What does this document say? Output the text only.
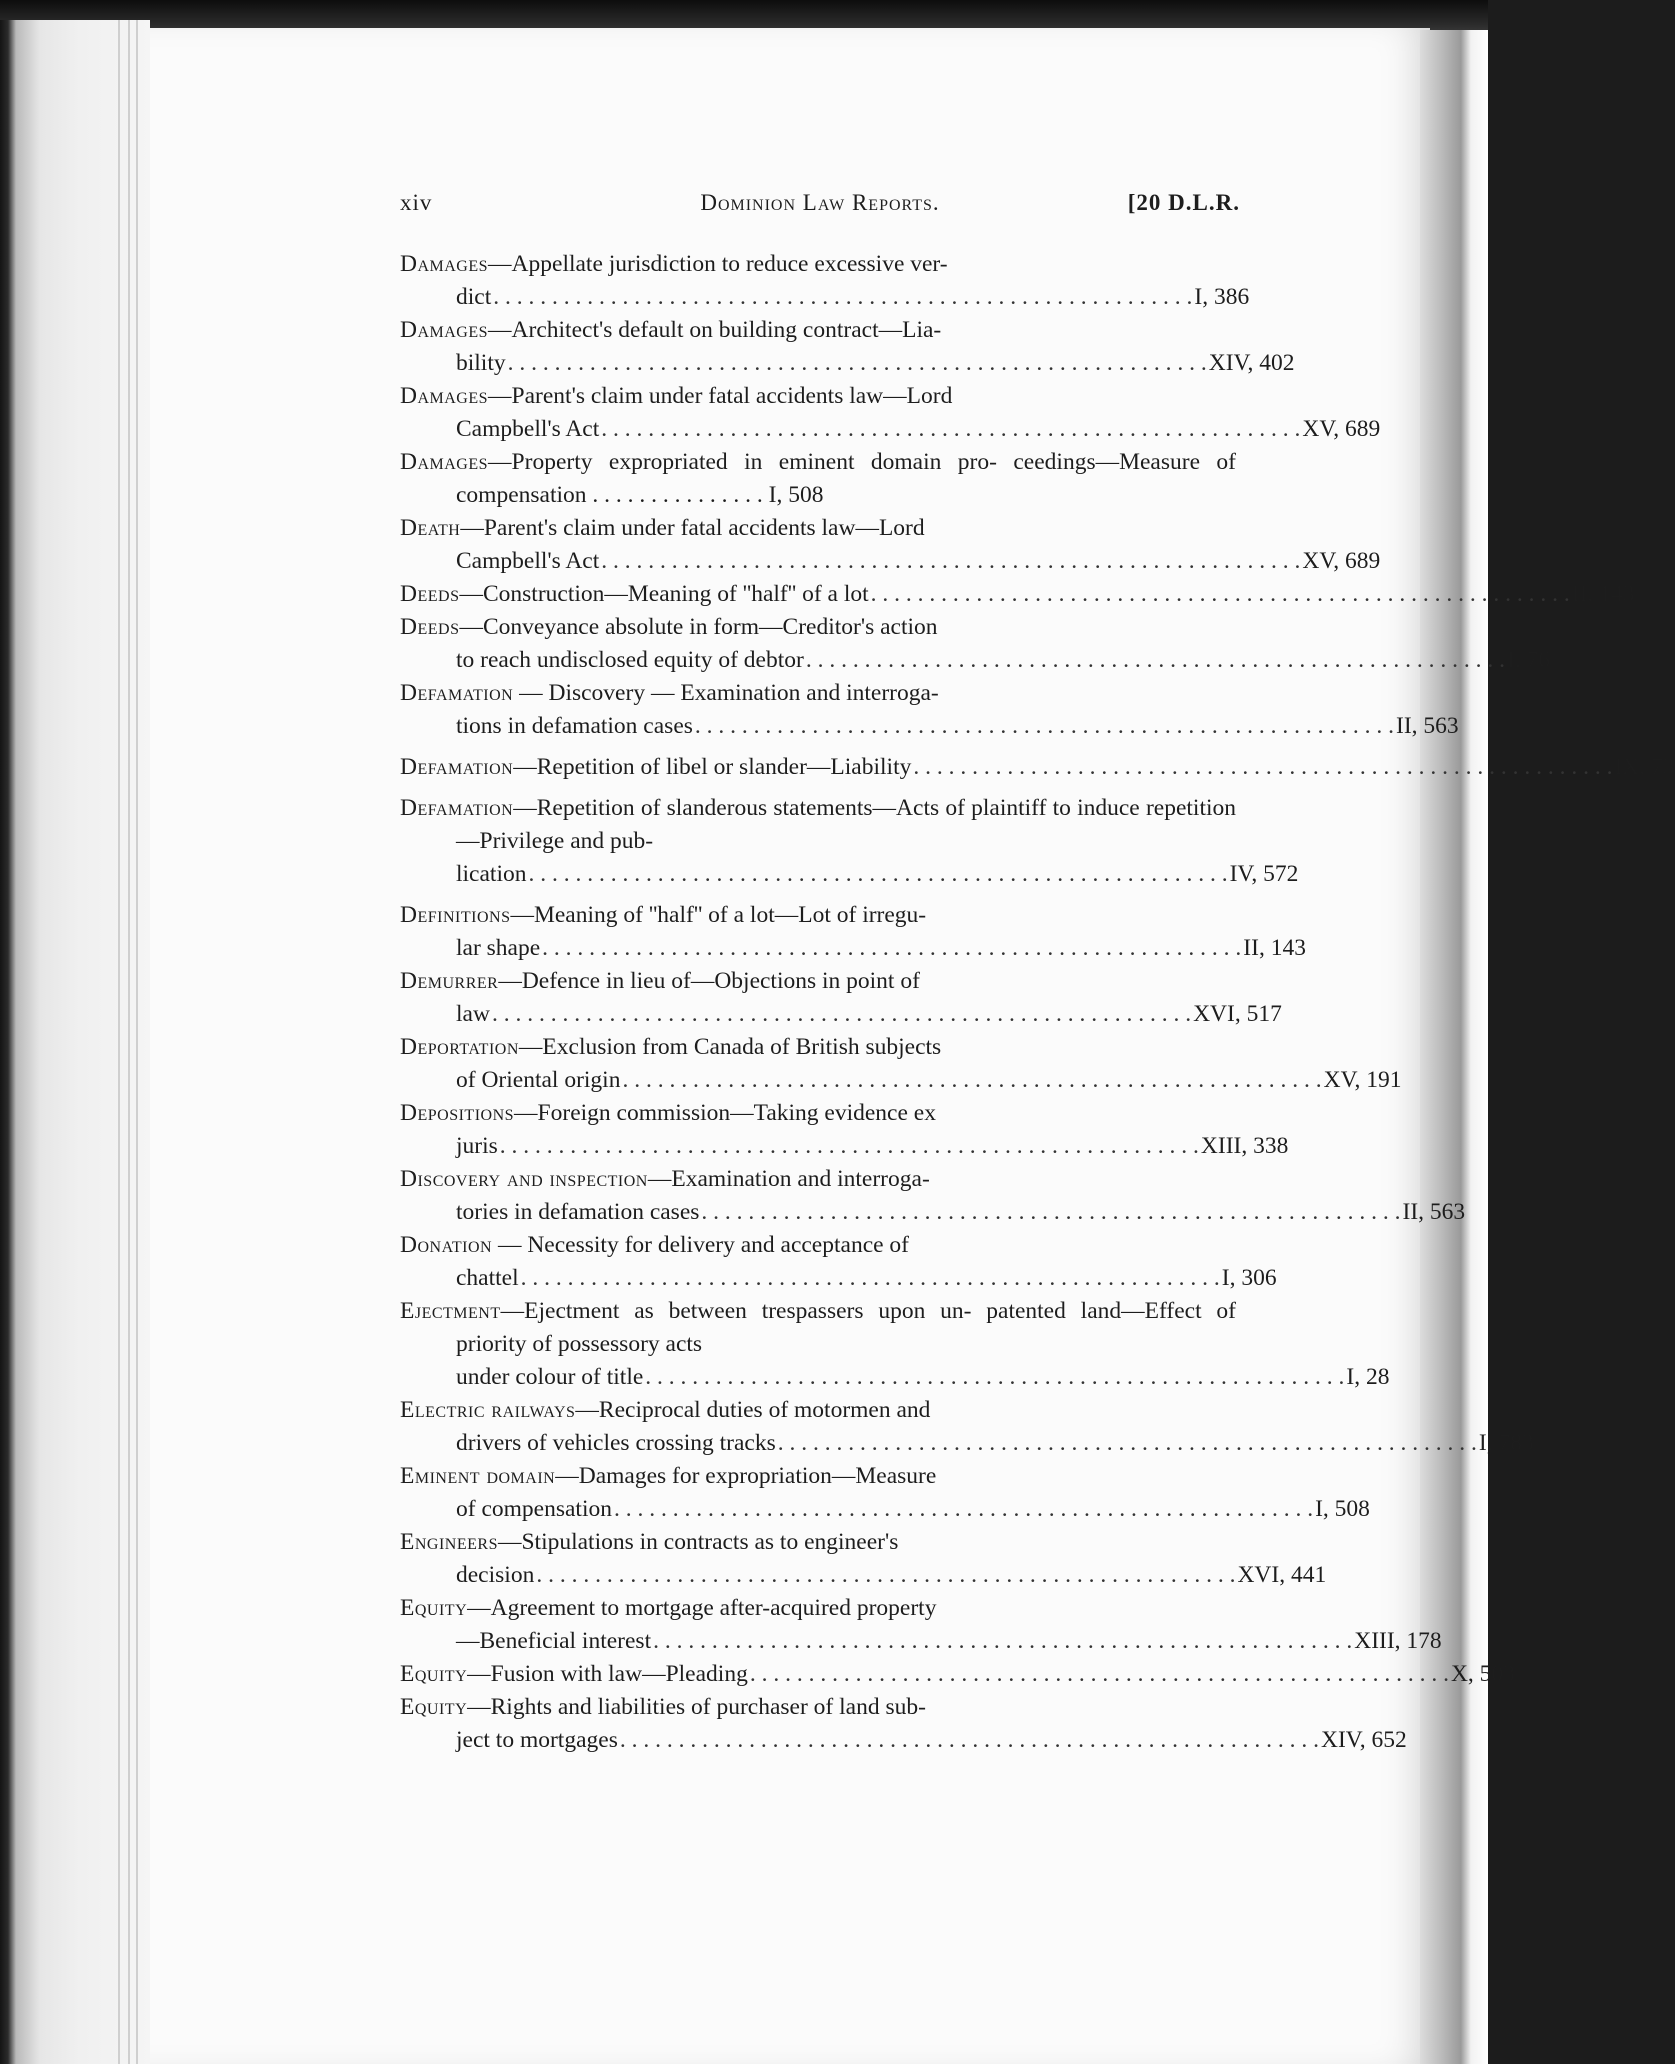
xiv	Dominion Law Reports.	[20 D.L.R.
Damages—Appellate jurisdiction to reduce excessive ver-
dict . . . . . . . . . . . . . . . . . . . . . . . . . . . . . . . . . . . . . . . . . . . . . . . . . . . . . . . . . . . . I, 386
Damages—Architect's default on building contract—Lia-
bility . . . . . . . . . . . . . . . . . . . . . . . . . . . . . . . . . . . . . . . . . . . . . . . . . . . . . . . . . . . . XIV, 402
Damages—Parent's claim under fatal accidents law—Lord
Campbell's Act . . . . . . . . . . . . . . . . . . . . . . . . . . . . . . . . . . . . . . . . . . . . . . . . . . . . . . . . . . . . XV, 689
Damages—Property expropriated in eminent domain pro- ceedings—Measure of compensation . . . . . . . . . . . . . . . I, 508
Death—Parent's claim under fatal accidents law—Lord
Campbell's Act . . . . . . . . . . . . . . . . . . . . . . . . . . . . . . . . . . . . . . . . . . . . . . . . . . . . . . . . . . . . XV, 689
Deeds —Construction—Meaning of ''half'' of a lot . . . . . . . . . . . . . . . . . . . . . . . . . . . . . . . . . . . . . . . . . . . . . . . . . . . . . . . . . . . . II, 143
Deeds—Conveyance absolute in form—Creditor's action
to reach undisclosed equity of debtor . . . . . . . . . . . . . . . . . . . . . . . . . . . . . . . . . . . . . . . . . . . . . . . . . . . . . . . . . . . . I, 76
Defamation — Discovery — Examination and interroga-
tions in defamation cases . . . . . . . . . . . . . . . . . . . . . . . . . . . . . . . . . . . . . . . . . . . . . . . . . . . . . . . . . . . . II, 563
Defamation —Repetition of libel or slander—Liability . . . . . . . . . . . . . . . . . . . . . . . . . . . . . . . . . . . . . . . . . . . . . . . . . . . . . . . . . . . . IX, 73
Defamation—Repetition of slanderous statements—Acts of plaintiff to induce repetition—Privilege and pub-
lication . . . . . . . . . . . . . . . . . . . . . . . . . . . . . . . . . . . . . . . . . . . . . . . . . . . . . . . . . . . . IV, 572
Definitions—Meaning of ''half'' of a lot—Lot of irregu-
lar shape . . . . . . . . . . . . . . . . . . . . . . . . . . . . . . . . . . . . . . . . . . . . . . . . . . . . . . . . . . . . II, 143
Demurrer—Defence in lieu of—Objections in point of
law . . . . . . . . . . . . . . . . . . . . . . . . . . . . . . . . . . . . . . . . . . . . . . . . . . . . . . . . . . . . XVI, 517
Deportation—Exclusion from Canada of British subjects
of Oriental origin . . . . . . . . . . . . . . . . . . . . . . . . . . . . . . . . . . . . . . . . . . . . . . . . . . . . . . . . . . . . XV, 191
Depositions—Foreign commission—Taking evidence ex
juris . . . . . . . . . . . . . . . . . . . . . . . . . . . . . . . . . . . . . . . . . . . . . . . . . . . . . . . . . . . . XIII, 338
Discovery and inspection—Examination and interroga-
tories in defamation cases . . . . . . . . . . . . . . . . . . . . . . . . . . . . . . . . . . . . . . . . . . . . . . . . . . . . . . . . . . . . II, 563
Donation — Necessity for delivery and acceptance of
chattel . . . . . . . . . . . . . . . . . . . . . . . . . . . . . . . . . . . . . . . . . . . . . . . . . . . . . . . . . . . . I, 306
Ejectment—Ejectment as between trespassers upon un- patented land—Effect of priority of possessory acts
under colour of title . . . . . . . . . . . . . . . . . . . . . . . . . . . . . . . . . . . . . . . . . . . . . . . . . . . . . . . . . . . . I, 28
Electric railways—Reciprocal duties of motormen and
drivers of vehicles crossing tracks . . . . . . . . . . . . . . . . . . . . . . . . . . . . . . . . . . . . . . . . . . . . . . . . . . . . . . . . . . . . I, 783
Eminent domain—Damages for expropriation—Measure
of compensation . . . . . . . . . . . . . . . . . . . . . . . . . . . . . . . . . . . . . . . . . . . . . . . . . . . . . . . . . . . . I, 508
Engineers—Stipulations in contracts as to engineer's
decision . . . . . . . . . . . . . . . . . . . . . . . . . . . . . . . . . . . . . . . . . . . . . . . . . . . . . . . . . . . . XVI, 441
Equity—Agreement to mortgage after-acquired property
—Beneficial interest . . . . . . . . . . . . . . . . . . . . . . . . . . . . . . . . . . . . . . . . . . . . . . . . . . . . . . . . . . . . XIII, 178
Equity —Fusion with law—Pleading . . . . . . . . . . . . . . . . . . . . . . . . . . . . . . . . . . . . . . . . . . . . . . . . . . . . . . . . . . . . X, 503
Equity—Rights and liabilities of purchaser of land sub-
ject to mortgages . . . . . . . . . . . . . . . . . . . . . . . . . . . . . . . . . . . . . . . . . . . . . . . . . . . . . . . . . . . . XIV, 652
